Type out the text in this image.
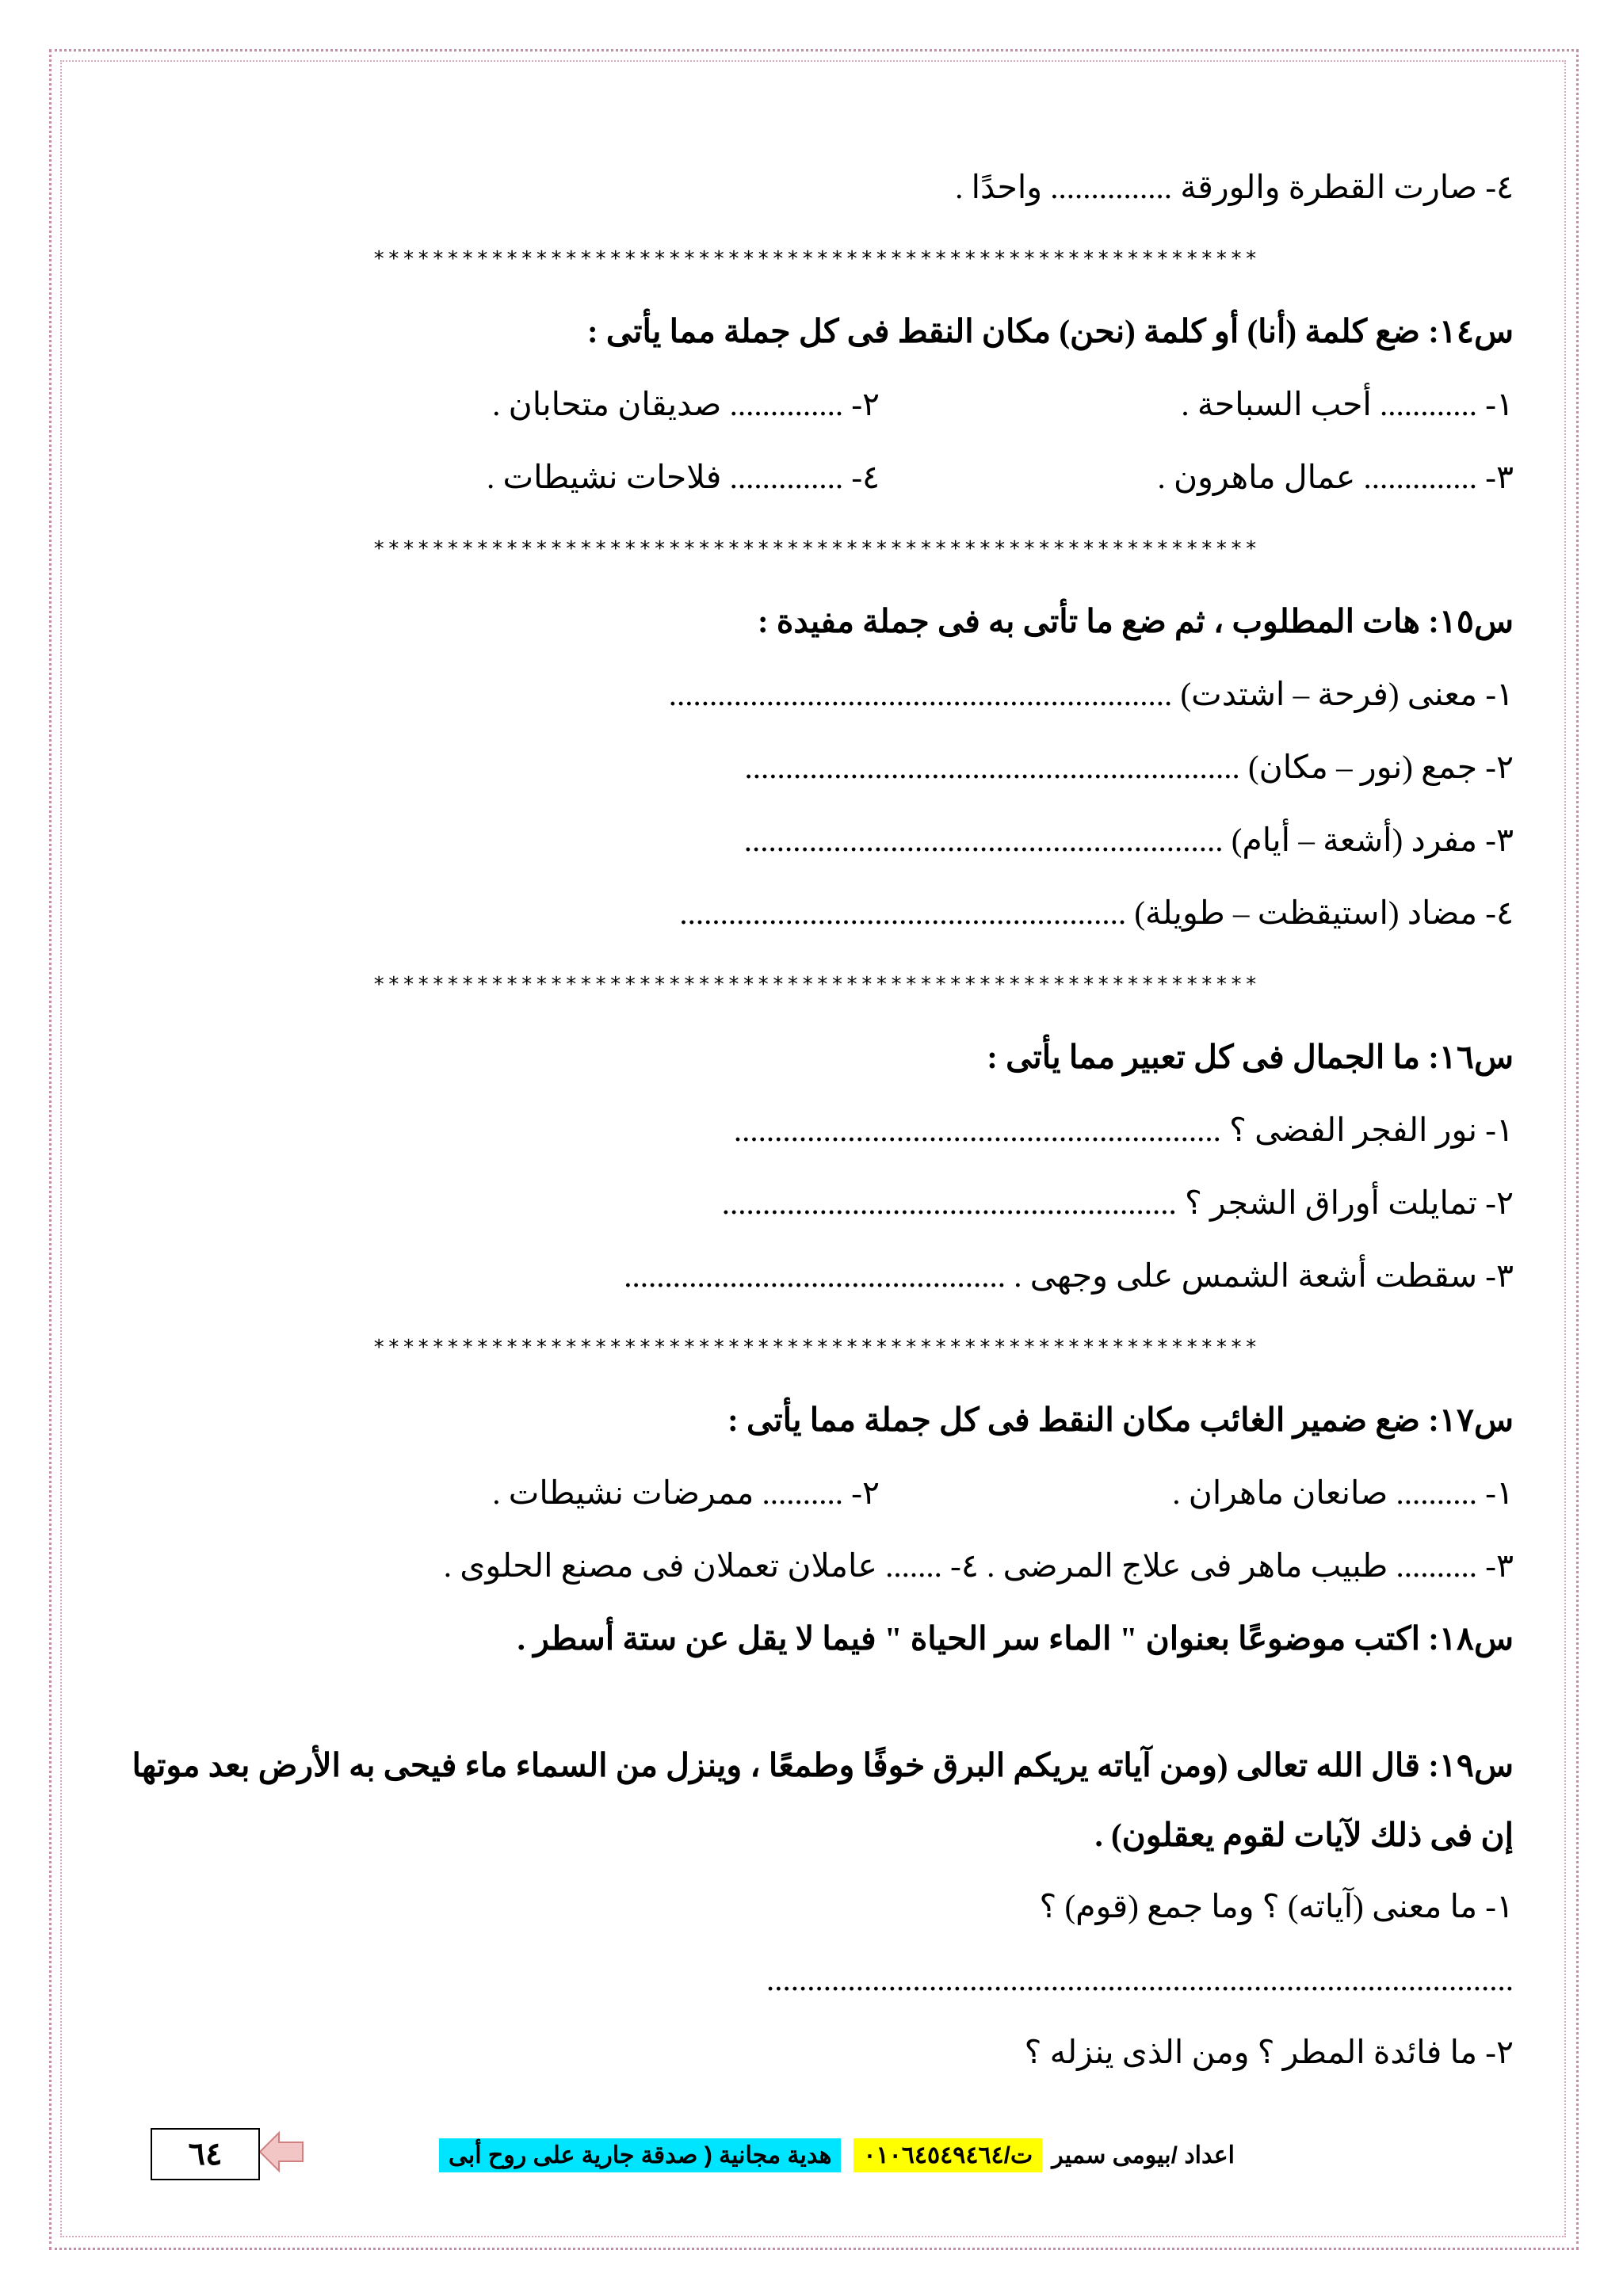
٤- صارت القطرة والورقة ............... واحدًا .
************************************************************
س١٤: ضع كلمة (أنا) أو كلمة (نحن) مكان النقط فى كل جملة مما يأتى :
١- ............ أحب السباحة .
٢- .............. صديقان متحابان .
٣- .............. عمال ماهرون .
٤- .............. فلاحات نشيطات .
************************************************************
س١٥: هات المطلوب ، ثم ضع ما تأتى به فى جملة مفيدة :
١- معنى (فرحة – اشتدت) ..............................................................
٢- جمع (نور – مكان) .............................................................
٣- مفرد (أشعة – أيام) ...........................................................
٤- مضاد (استيقظت – طويلة) .......................................................
************************************************************
س١٦: ما الجمال فى كل تعبير مما يأتى :
١- نور الفجر الفضى ؟ ............................................................
٢- تمايلت أوراق الشجر ؟ ........................................................
٣- سقطت أشعة الشمس على وجهى . ...............................................
************************************************************
س١٧: ضع ضمير الغائب مكان النقط فى كل جملة مما يأتى :
١- .......... صانعان ماهران .
٢- .......... ممرضات نشيطات .
٣- .......... طبيب ماهر فى علاج المرضى . ٤- ....... عاملان تعملان فى مصنع الحلوى .
س١٨: اكتب موضوعًا بعنوان " الماء سر الحياة " فيما لا يقل عن ستة أسطر .
س١٩: قال الله تعالى (ومن آياته يريكم البرق خوفًا وطمعًا ، وينزل من السماء ماء فيحى به الأرض بعد موتها إن فى ذلك لآيات لقوم يعقلون) .
١- ما معنى (آياته) ؟ وما جمع (قوم) ؟
............................................................................................
٢- ما فائدة المطر ؟ ومن الذى ينزله ؟
اعداد /بيومى سمير
ت/٠١٠٦٤٥٤٩٤٦٤
هدية مجانية ( صدقة جارية على روح أبى
٦٤
